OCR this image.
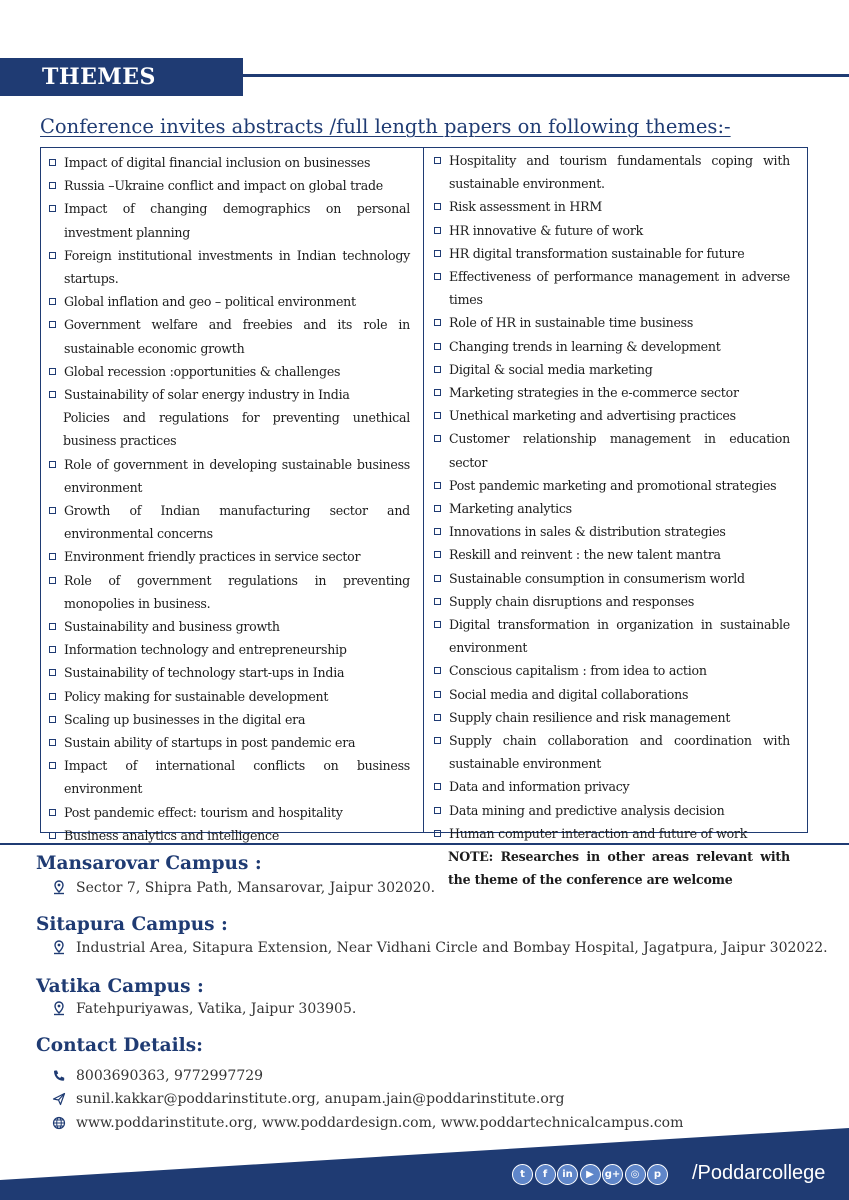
THEMES
Conference invites abstracts /full length papers on following themes:-
Impact of digital financial inclusion on businesses
Russia –Ukraine conflict and impact on global trade
Impact of changing demographics on personal investment planning
Foreign institutional investments in Indian technology startups.
Global inflation and geo – political environment
Government welfare and freebies and its role in sustainable economic growth
Global recession :opportunities & challenges
Sustainability of solar energy industry in India
Policies and regulations for preventing unethical business practices
Role of government in developing sustainable business environment
Growth of Indian manufacturing sector and environmental concerns
Environment friendly practices in service sector
Role of government regulations in preventing monopolies in business.
Sustainability and business growth
Information technology and entrepreneurship
Sustainability of technology start-ups in India
Policy making for sustainable development
Scaling up businesses in the digital era
Sustain ability of startups in post pandemic era
Impact of international conflicts on business environment
Post pandemic effect: tourism and hospitality
Business analytics and intelligence
Hospitality and tourism fundamentals coping with sustainable environment.
Risk assessment in HRM
HR innovative & future of work
HR digital transformation sustainable for future
Effectiveness of performance management in adverse times
Role of HR in sustainable time business
Changing trends in learning & development
Digital & social media marketing
Marketing strategies in the e-commerce sector
Unethical marketing and advertising practices
Customer relationship management in education sector
Post pandemic marketing and promotional strategies
Marketing analytics
Innovations in sales & distribution strategies
Reskill and reinvent : the new talent mantra
Sustainable consumption in consumerism world
Supply chain disruptions and responses
Digital transformation in organization in sustainable environment
Conscious capitalism : from idea to action
Social media and digital collaborations
Supply chain resilience and risk management
Supply chain collaboration and coordination with sustainable environment
Data and information privacy
Data mining and predictive analysis decision
Human computer interaction and future of work
NOTE: Researches in other areas relevant with the theme of the conference are welcome
Mansarovar Campus :
Sector 7, Shipra Path, Mansarovar, Jaipur 302020.
Sitapura Campus :
Industrial Area, Sitapura Extension, Near Vidhani Circle and Bombay Hospital, Jagatpura, Jaipur 302022.
Vatika Campus :
Fatehpuriyawas, Vatika, Jaipur 303905.
Contact Details:
8003690363, 9772997729
sunil.kakkar@poddarinstitute.org, anupam.jain@poddarinstitute.org
www.poddarinstitute.org, www.poddardesign.com, www.poddartechnicalcampus.com
t	f	in	▶	g+	◎	p	/Poddarcollege
